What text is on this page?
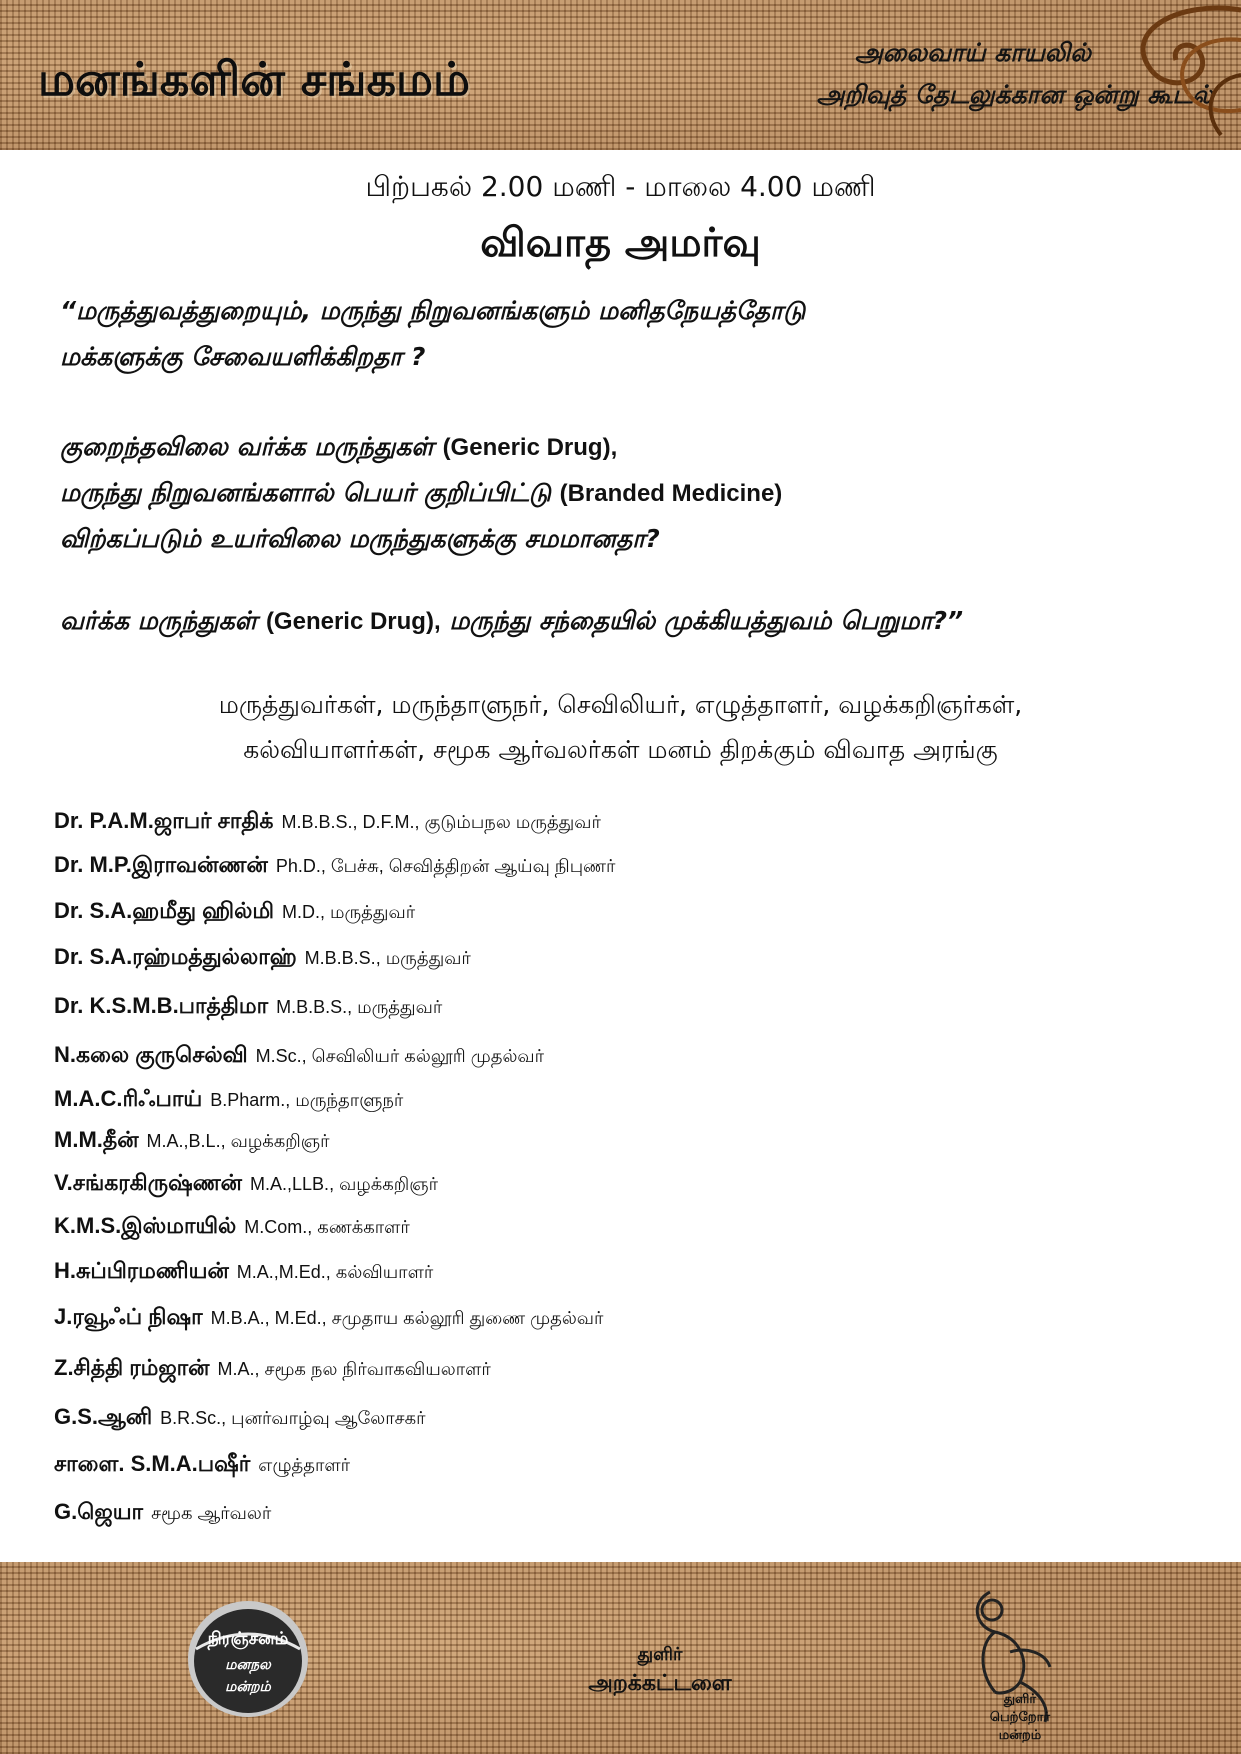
மனங்களின் சங்கமம்	அலைவாய் காயலில்
அறிவுத் தேடலுக்கான ஒன்று கூடல்
பிற்பகல் 2.00 மணி - மாலை 4.00 மணி
விவாத அமர்வு
“மருத்துவத்துறையும், மருந்து நிறுவனங்களும் மனிதநேயத்தோடு
மக்களுக்கு சேவையளிக்கிறதா ?
குறைந்தவிலை வர்க்க மருந்துகள் (Generic Drug),
மருந்து நிறுவனங்களால் பெயர் குறிப்பிட்டு (Branded Medicine)
விற்கப்படும் உயர்விலை மருந்துகளுக்கு சமமானதா?
வர்க்க மருந்துகள் (Generic Drug), மருந்து சந்தையில் முக்கியத்துவம் பெறுமா?”
மருத்துவர்கள், மருந்தாளுநர், செவிலியர், எழுத்தாளர், வழக்கறிஞர்கள்,
கல்வியாளர்கள், சமூக ஆர்வலர்கள் மனம் திறக்கும் விவாத அரங்கு
Dr. P.A.M.ஜாபர் சாதிக் M.B.B.S., D.F.M., குடும்பநல மருத்துவர்
Dr. M.P.இராவன்ணன் Ph.D., பேச்சு, செவித்திறன் ஆய்வு நிபுணர்
Dr. S.A.ஹமீது ஹில்மி M.D., மருத்துவர்
Dr. S.A.ரஹ்மத்துல்லாஹ் M.B.B.S., மருத்துவர்
Dr. K.S.M.B.பாத்திமா M.B.B.S., மருத்துவர்
N.கலை குருசெல்வி M.Sc., செவிலியர் கல்லூரி முதல்வர்
M.A.C.ரிஃபாய் B.Pharm., மருந்தாளுநர்
M.M.தீன் M.A.,B.L., வழக்கறிஞர்
V.சங்கரகிருஷ்ணன் M.A.,LLB., வழக்கறிஞர்
K.M.S.இஸ்மாயில் M.Com., கணக்காளர்
H.சுப்பிரமணியன் M.A.,M.Ed., கல்வியாளர்
J.ரவூஃப் நிஷா M.B.A., M.Ed., சமுதாய கல்லூரி துணை முதல்வர்
Z.சித்தி ரம்ஜான் M.A., சமூக நல நிர்வாகவியலாளர்
G.S.ஆனி B.R.Sc., புனர்வாழ்வு ஆலோசகர்
சாளை. S.M.A.பஷீர் எழுத்தாளர்
G.ஜெயா சமூக ஆர்வலர்
நிரஞ்சனம்
மனநல
மன்றம்
துளிர்
அறக்கட்டளை
துளிர்
பெற்றோர்
மன்றம்
